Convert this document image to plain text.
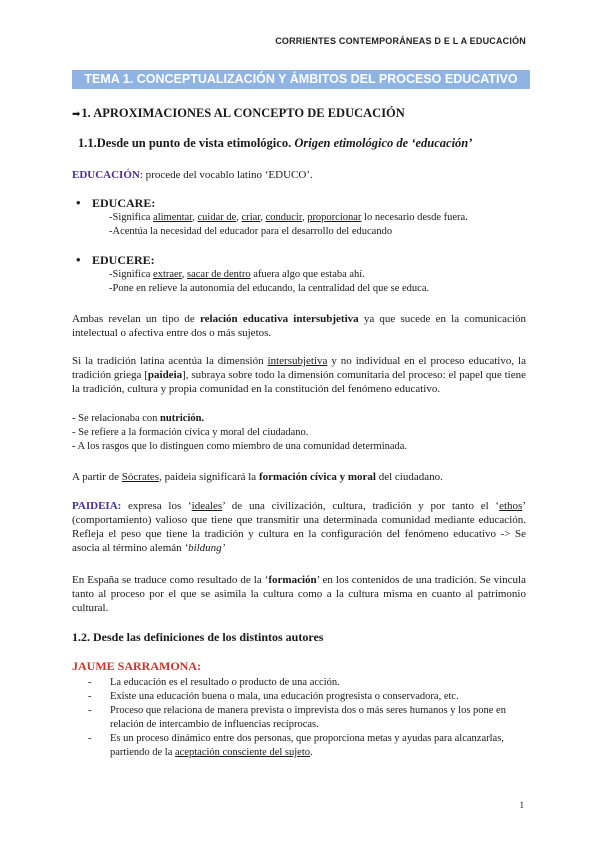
CORRIENTES CONTEMPORÁNEAS D E L A EDUCACIÓN
TEMA 1. CONCEPTUALIZACIÓN Y ÁMBITOS DEL PROCESO EDUCATIVO
➡1. APROXIMACIONES AL CONCEPTO DE EDUCACIÓN
1.1.Desde un punto de vista etimológico. Origen etimológico de ‘educación’
EDUCACIÓN: procede del vocablo latino ‘EDUCO’.
• EDUCARE:
-Significa alimentar, cuidar de, criar, conducir, proporcionar lo necesario desde fuera.
-Acentúa la necesidad del educador para el desarrollo del educando
• EDUCERE:
-Significa extraer, sacar de dentro afuera algo que estaba ahí.
-Pone en relieve la autonomía del educando, la centralidad del que se educa.
Ambas revelan un tipo de relación educativa intersubjetiva ya que sucede en la comunicación intelectual o afectiva entre dos o más sujetos.
Si la tradición latina acentúa la dimensión intersubjetiva y no individual en el proceso educativo, la tradición griega [paideia], subraya sobre todo la dimensión comunitaria del proceso: el papel que tiene la tradición, cultura y propia comunidad en la constitución del fenómeno educativo.
- Se relacionaba con nutrición.
- Se refiere a la formación cívica y moral del ciudadano.
- A los rasgos que lo distinguen como miembro de una comunidad determinada.
A partir de Sócrates, paideia significará la formación cívica y moral del ciudadano.
PAIDEIA: expresa los ‘ideales’ de una civilización, cultura, tradición y por tanto el ‘ethos’ (comportamiento) valioso que tiene que transmitir una determinada comunidad mediante educación. Refleja el peso que tiene la tradición y cultura en la configuración del fenómeno educativo -> Se asocia al término alemán ‘bildung’
En España se traduce como resultado de la ‘formación’ en los contenidos de una tradición. Se vincula tanto al proceso por el que se asimila la cultura como a la cultura misma en cuanto al patrimonio cultural.
1.2. Desde las definiciones de los distintos autores
JAUME SARRAMONA:
- La educación es el resultado o producto de una acción.
- Existe una educación buena o mala, una educación progresista o conservadora, etc.
- Proceso que relaciona de manera prevista o imprevista dos o más seres humanos y los pone en relación de intercambio de influencias recíprocas.
- Es un proceso dinámico entre dos personas, que proporciona metas y ayudas para alcanzarlas, partiendo de la aceptación consciente del sujeto.
1
